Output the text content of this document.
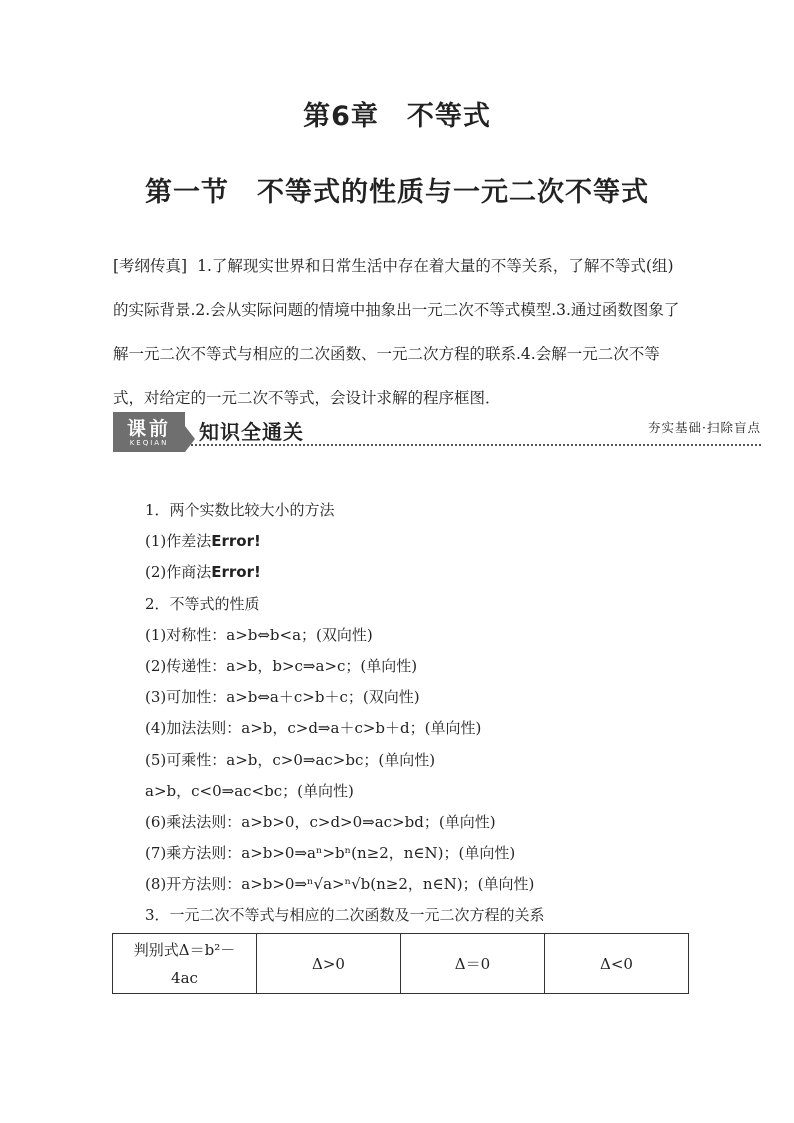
第6章　不等式
第一节　不等式的性质与一元二次不等式

[考纲传真] 1.了解现实世界和日常生活中存在着大量的不等关系，了解不等式(组)的实际背景.2.会从实际问题的情境中抽象出一元二次不等式模型.3.通过函数图象了解一元二次不等式与相应的二次函数、一元二次方程的联系.4.会解一元二次不等式，对给定的一元二次不等式，会设计求解的程序框图．

课前
KEQIAN	知识全通关	夯实基础·扫除盲点
1．两个实数比较大小的方法
(1)作差法Error!
(2)作商法Error!
2．不等式的性质
(1)对称性：a>b⇔b<a；(双向性)
(2)传递性：a>b，b>c⇒a>c；(单向性)
(3)可加性：a>b⇔a＋c>b＋c；(双向性)
(4)加法法则：a>b，c>d⇒a＋c>b＋d；(单向性)
(5)可乘性：a>b，c>0⇒ac>bc；(单向性)
a>b，c<0⇒ac<bc；(单向性)
(6)乘法法则：a>b>0，c>d>0⇒ac>bd；(单向性)
(7)乘方法则：a>b>0⇒aⁿ>bⁿ(n≥2，n∈N)；(单向性)
(8)开方法则：a>b>0⇒ⁿ√a>ⁿ√b(n≥2，n∈N)；(单向性)
3．一元二次不等式与相应的二次函数及一元二次方程的关系
判别式Δ＝b²－
4ac	Δ>0	Δ＝0	Δ<0
